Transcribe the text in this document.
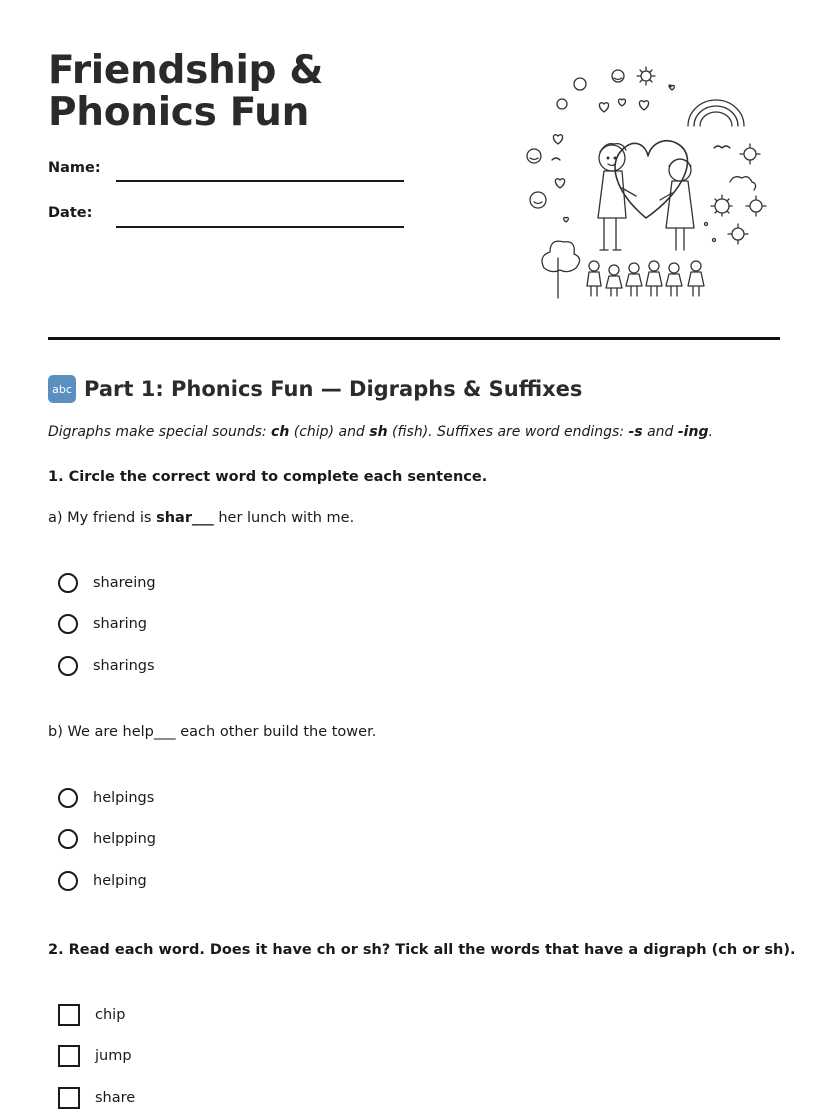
Friendship & Phonics Fun
Name:
Date:
abc Part 1: Phonics Fun — Digraphs & Suffixes
Digraphs make special sounds: ch (chip) and sh (fish). Suffixes are word endings: -s and -ing.
1. Circle the correct word to complete each sentence.
a) My friend is shar___ her lunch with me.
shareing
sharing
sharings
b) We are help___ each other build the tower.
helpings
helpping
helping
2. Read each word. Does it have ch or sh? Tick all the words that have a digraph (ch or sh).
chip
jump
share
